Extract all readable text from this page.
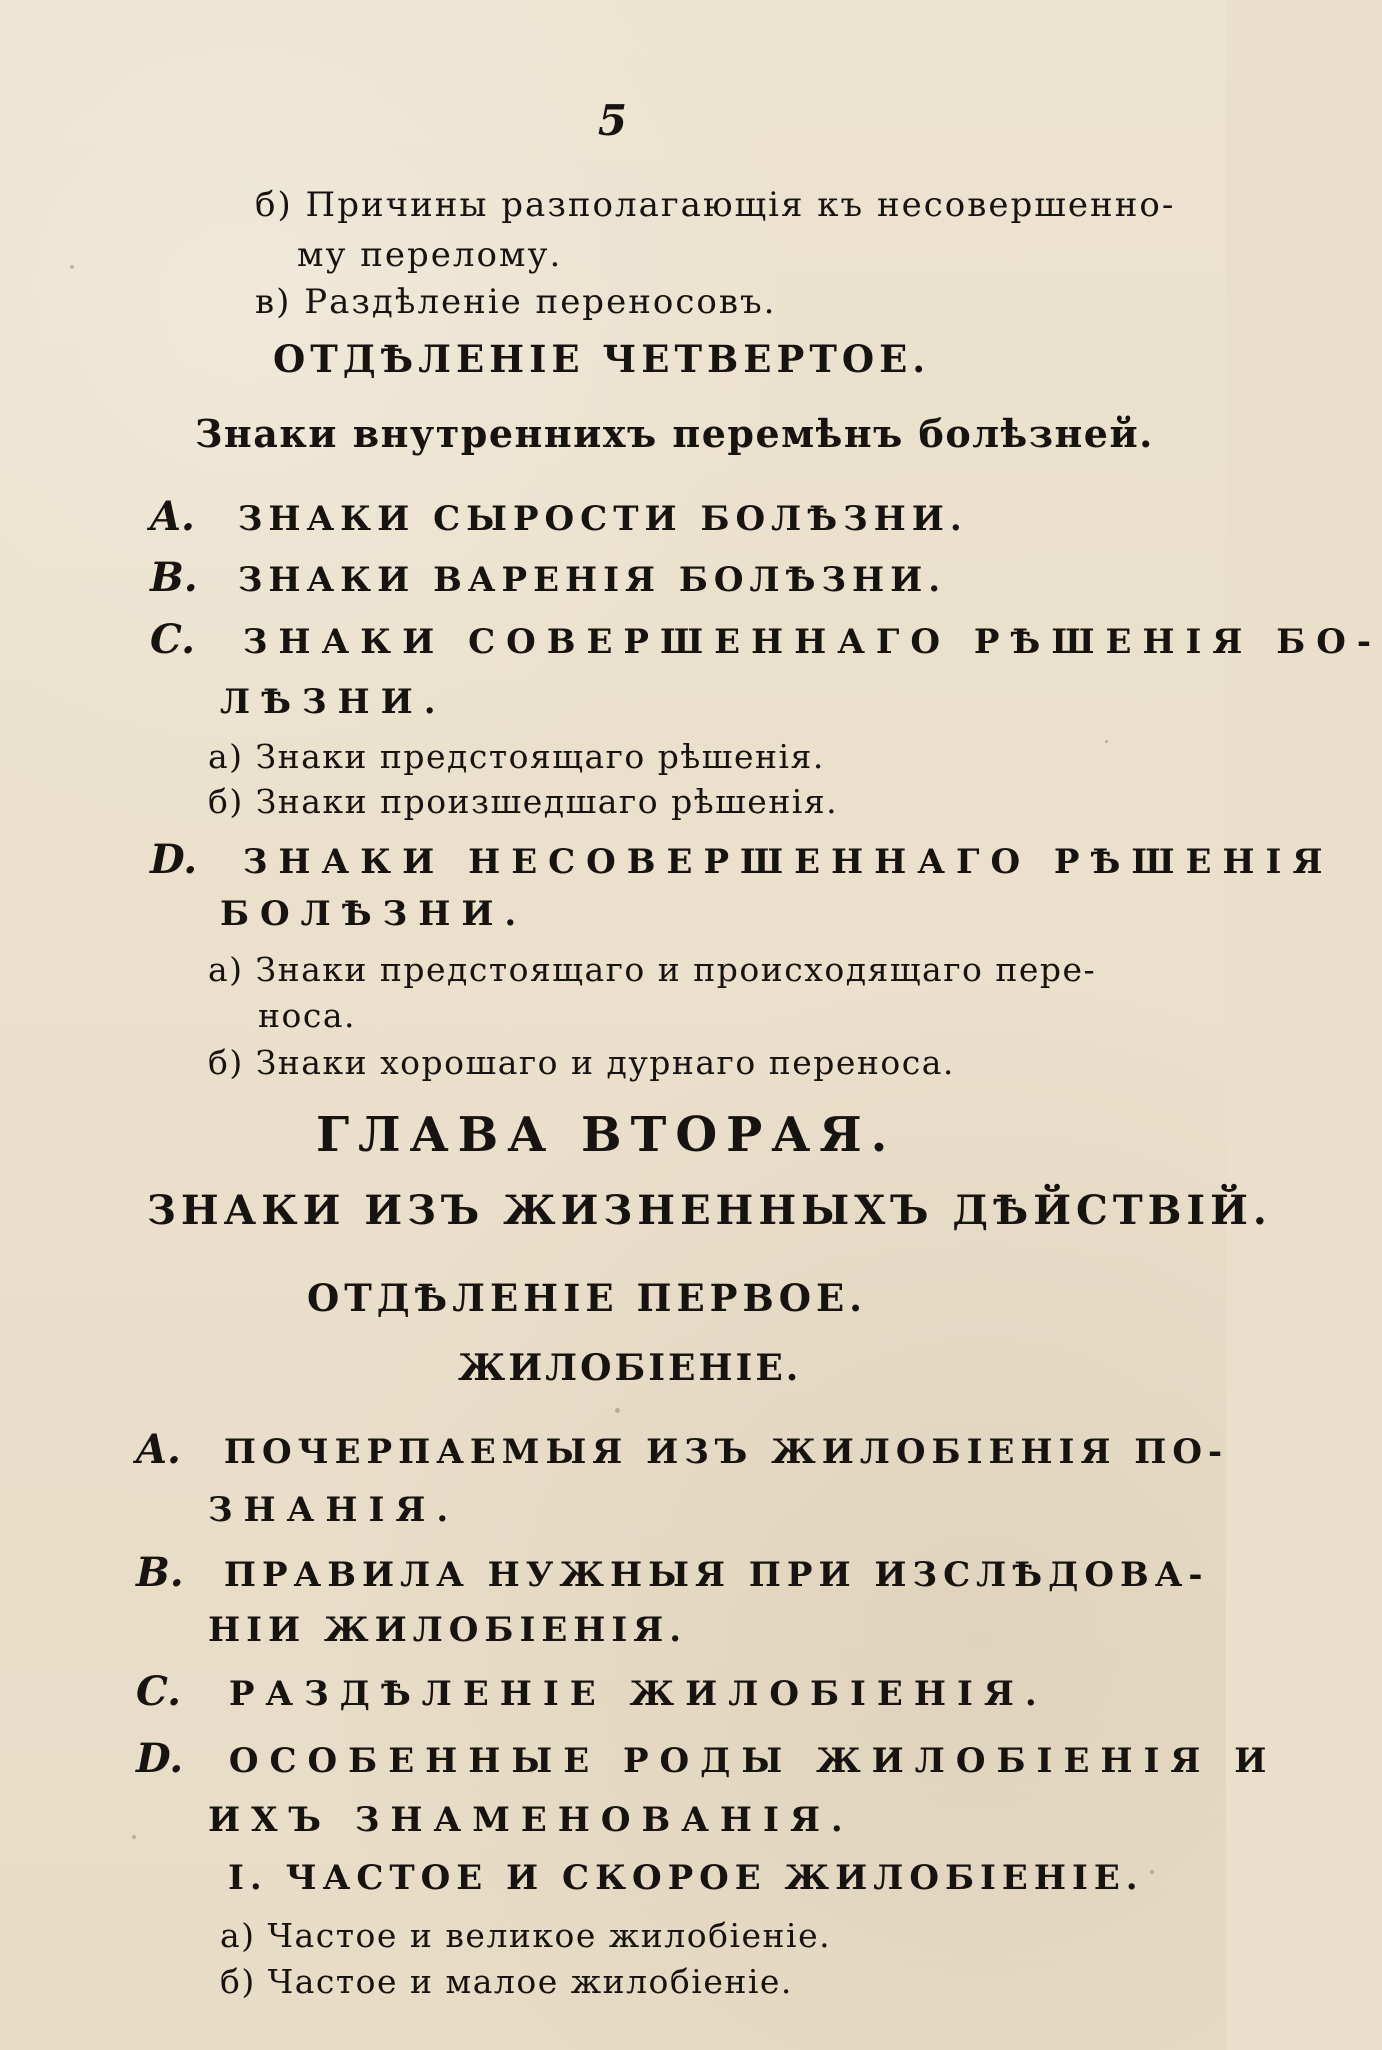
5
б) Причины разполагающія къ несовершенно-
му перелому.
в) Раздѣленіе переносовъ.
ОТДѢЛЕНІЕ ЧЕТВЕРТОЕ.
Знаки внутреннихъ перемѣнъ болѣзней.
A. ЗНАКИ СЫРОСТИ БОЛѢЗНИ.
B. ЗНАКИ ВАРЕНІЯ БОЛѢЗНИ.
C. ЗНАКИ СОВЕРШЕННАГО РѢШЕНІЯ БО-
ЛѢЗНИ.
а) Знаки предстоящаго рѣшенія.
б) Знаки произшедшаго рѣшенія.
D. ЗНАКИ НЕСОВЕРШЕННАГО РѢШЕНІЯ
БОЛѢЗНИ.
а) Знаки предстоящаго и происходящаго пере-
носа.
б) Знаки хорошаго и дурнаго переноса.
ГЛАВА ВТОРАЯ.
ЗНАКИ ИЗЪ ЖИЗНЕННЫХЪ ДѢЙСТВІЙ.
ОТДѢЛЕНІЕ ПЕРВОЕ.
ЖИЛОБІЕНІЕ.
A. ПОЧЕРПАЕМЫЯ ИЗЪ ЖИЛОБІЕНІЯ ПО-
ЗНАНІЯ.
B. ПРАВИЛА НУЖНЫЯ ПРИ ИЗСЛѢДОВА-
НІИ ЖИЛОБІЕНІЯ.
C. РАЗДѢЛЕНІЕ ЖИЛОБІЕНІЯ.
D. ОСОБЕННЫЕ РОДЫ ЖИЛОБІЕНІЯ И
ИХЪ ЗНАМЕНОВАНІЯ.
I. ЧАСТОЕ И СКОРОЕ ЖИЛОБІЕНІЕ.
а) Частое и великое жилобіеніе.
б) Частое и малое жилобіеніе.
